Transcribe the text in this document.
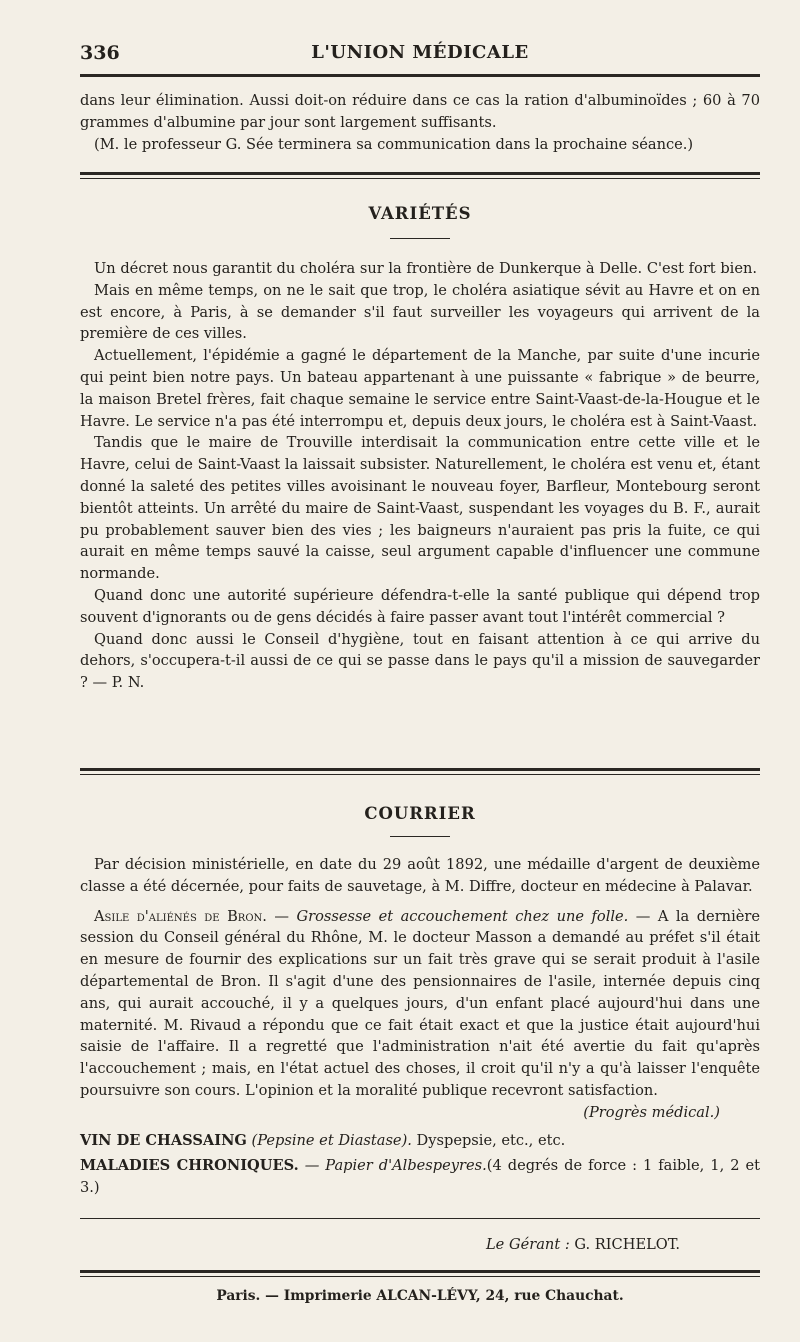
336	L'UNION MÉDICALE

dans leur élimination. Aussi doit-on réduire dans ce cas la ration d'albuminoïdes ; 60 à 70 grammes d'albumine par jour sont largement suffisants.

(M. le professeur G. Sée terminera sa communication dans la prochaine séance.)

VARIÉTÉS

Un décret nous garantit du choléra sur la frontière de Dunkerque à Delle. C'est fort bien.

Mais en même temps, on ne le sait que trop, le choléra asiatique sévit au Havre et on en est encore, à Paris, à se demander s'il faut surveiller les voyageurs qui arrivent de la première de ces villes.

Actuellement, l'épidémie a gagné le département de la Manche, par suite d'une incurie qui peint bien notre pays. Un bateau appartenant à une puissante « fabrique » de beurre, la maison Bretel frères, fait chaque semaine le service entre Saint-Vaast-de-la-Hougue et le Havre. Le service n'a pas été interrompu et, depuis deux jours, le choléra est à Saint-Vaast.

Tandis que le maire de Trouville interdisait la communication entre cette ville et le Havre, celui de Saint-Vaast la laissait subsister. Naturellement, le choléra est venu et, étant donné la saleté des petites villes avoisinant le nouveau foyer, Barfleur, Montebourg seront bientôt atteints. Un arrêté du maire de Saint-Vaast, suspendant les voyages du B. F., aurait pu probablement sauver bien des vies ; les baigneurs n'auraient pas pris la fuite, ce qui aurait en même temps sauvé la caisse, seul argument capable d'influencer une commune normande.

Quand donc une autorité supérieure défendra-t-elle la santé publique qui dépend trop souvent d'ignorants ou de gens décidés à faire passer avant tout l'intérêt commercial ?

Quand donc aussi le Conseil d'hygiène, tout en faisant attention à ce qui arrive du dehors, s'occupera-t-il aussi de ce qui se passe dans le pays qu'il a mission de sauvegarder ? — P. N.

COURRIER

Par décision ministérielle, en date du 29 août 1892, une médaille d'argent de deuxième classe a été décernée, pour faits de sauvetage, à M. Diffre, docteur en médecine à Palavar.

Asile d'aliénés de Bron. — Grossesse et accouchement chez une folle. — A la dernière session du Conseil général du Rhône, M. le docteur Masson a demandé au préfet s'il était en mesure de fournir des explications sur un fait très grave qui se serait produit à l'asile départemental de Bron. Il s'agit d'une des pensionnaires de l'asile, internée depuis cinq ans, qui aurait accouché, il y a quelques jours, d'un enfant placé aujourd'hui dans une maternité. M. Rivaud a répondu que ce fait était exact et que la justice était aujourd'hui saisie de l'affaire. Il a regretté que l'administration n'ait été avertie du fait qu'après l'accouchement ; mais, en l'état actuel des choses, il croit qu'il n'y a qu'à laisser l'enquête poursuivre son cours. L'opinion et la moralité publique recevront satisfaction.

(Progrès médical.)

VIN DE CHASSAING (Pepsine et Diastase). Dyspepsie, etc., etc.

MALADIES CHRONIQUES. — Papier d'Albespeyres.(4 degrés de force : 1 faible, 1, 2 et 3.)

Le Gérant : G. RICHELOT.
Paris. — Imprimerie ALCAN-LÉVY, 24, rue Chauchat.
